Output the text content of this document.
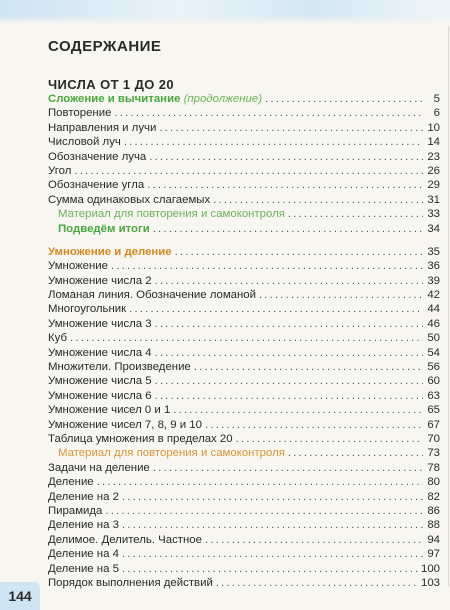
СОДЕРЖАНИЕ
ЧИСЛА ОТ 1 ДО 20
Сложение и вычитание (продолжение) . . .	5
Повторение . . .	6
Направления и лучи . . .	10
Числовой луч . . .	14
Обозначение луча . . .	23
Угол . . .	26
Обозначение угла . . .	29
Сумма одинаковых слагаемых . . .	31
Материал для повторения и самоконтроля . . .	33
Подведём итоги . . .	34
Умножение и деление . . .	35
Умножение . . .	36
Умножение числа 2 . . .	39
Ломаная линия. Обозначение ломаной . . .	42
Многоугольник . . .	44
Умножение числа 3 . . .	46
Куб . . .	50
Умножение числа 4 . . .	54
Множители. Произведение . . .	56
Умножение числа 5 . . .	60
Умножение числа 6 . . .	63
Умножение чисел 0 и 1 . . .	65
Умножение чисел 7, 8, 9 и 10 . . .	67
Таблица умножения в пределах 20 . . .	70
Материал для повторения и самоконтроля . . .	73
Задачи на деление . . .	78
Деление . . .	80
Деление на 2 . . .	82
Пирамида . . .	86
Деление на 3 . . .	88
Делимое. Делитель. Частное . . .	94
Деление на 4 . . .	97
Деление на 5 . . .	100
Порядок выполнения действий . . .	103
144
